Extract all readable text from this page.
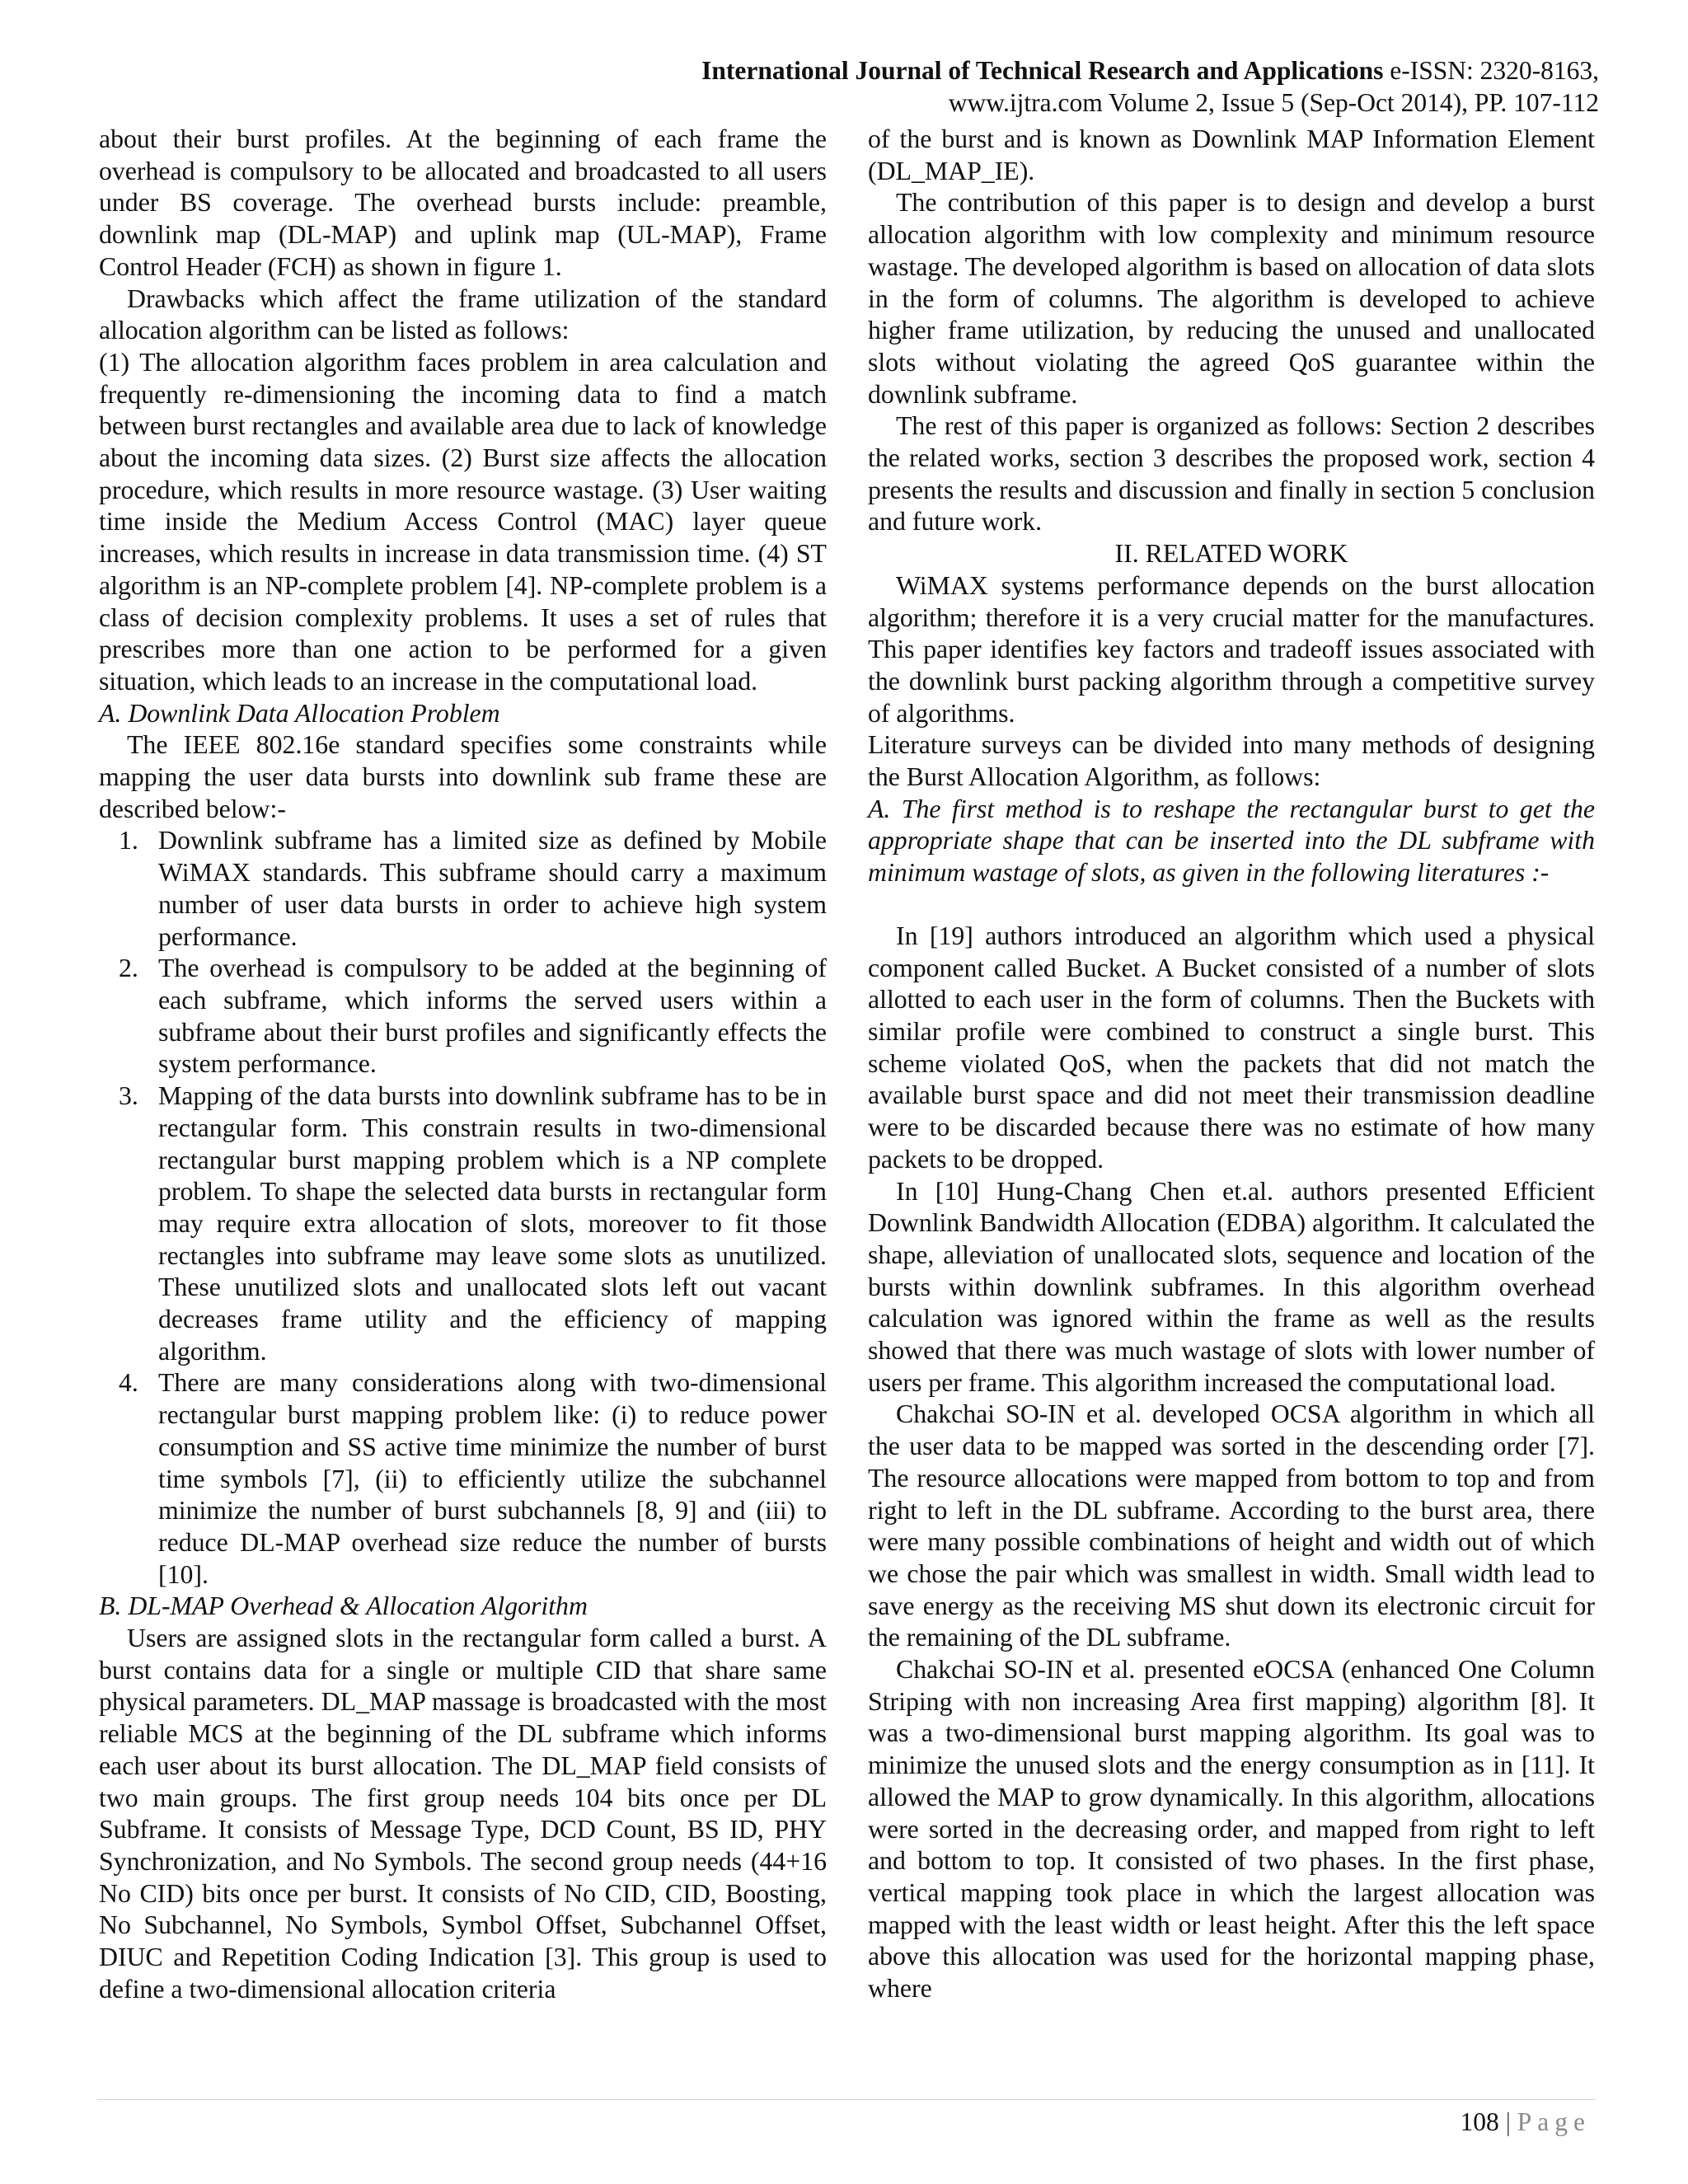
International Journal of Technical Research and Applications e-ISSN: 2320-8163,
www.ijtra.com Volume 2, Issue 5 (Sep-Oct 2014), PP. 107-112

about their burst profiles. At the beginning of each frame the overhead is compulsory to be allocated and broadcasted to all users under BS coverage. The overhead bursts include: preamble, downlink map (DL-MAP) and uplink map (UL-MAP), Frame Control Header (FCH) as shown in figure 1.

Drawbacks which affect the frame utilization of the standard allocation algorithm can be listed as follows:

(1) The allocation algorithm faces problem in area calculation and frequently re-dimensioning the incoming data to find a match between burst rectangles and available area due to lack of knowledge about the incoming data sizes. (2) Burst size affects the allocation procedure, which results in more resource wastage. (3) User waiting time inside the Medium Access Control (MAC) layer queue increases, which results in increase in data transmission time. (4) ST algorithm is an NP-complete problem [4]. NP-complete problem is a class of decision complexity problems. It uses a set of rules that prescribes more than one action to be performed for a given situation, which leads to an increase in the computational load.

A. Downlink Data Allocation Problem

The IEEE 802.16e standard specifies some constraints while mapping the user data bursts into downlink sub frame these are described below:-

1. Downlink subframe has a limited size as defined by Mobile WiMAX standards. This subframe should carry a maximum number of user data bursts in order to achieve high system performance.
2. The overhead is compulsory to be added at the beginning of each subframe, which informs the served users within a subframe about their burst profiles and significantly effects the system performance.
3. Mapping of the data bursts into downlink subframe has to be in rectangular form. This constrain results in two-dimensional rectangular burst mapping problem which is a NP complete problem. To shape the selected data bursts in rectangular form may require extra allocation of slots, moreover to fit those rectangles into subframe may leave some slots as unutilized. These unutilized slots and unallocated slots left out vacant decreases frame utility and the efficiency of mapping algorithm.
4. There are many considerations along with two-dimensional rectangular burst mapping problem like: (i) to reduce power consumption and SS active time minimize the number of burst time symbols [7], (ii) to efficiently utilize the subchannel minimize the number of burst subchannels [8, 9] and (iii) to reduce DL-MAP overhead size reduce the number of bursts [10].

B. DL-MAP Overhead & Allocation Algorithm

Users are assigned slots in the rectangular form called a burst. A burst contains data for a single or multiple CID that share same physical parameters. DL_MAP massage is broadcasted with the most reliable MCS at the beginning of the DL subframe which informs each user about its burst allocation. The DL_MAP field consists of two main groups. The first group needs 104 bits once per DL Subframe. It consists of Message Type, DCD Count, BS ID, PHY Synchronization, and No Symbols. The second group needs (44+16 No CID) bits once per burst. It consists of No CID, CID, Boosting, No Subchannel, No Symbols, Symbol Offset, Subchannel Offset, DIUC and Repetition Coding Indication [3]. This group is used to define a two-dimensional allocation criteria

of the burst and is known as Downlink MAP Information Element (DL_MAP_IE).

The contribution of this paper is to design and develop a burst allocation algorithm with low complexity and minimum resource wastage. The developed algorithm is based on allocation of data slots in the form of columns. The algorithm is developed to achieve higher frame utilization, by reducing the unused and unallocated slots without violating the agreed QoS guarantee within the downlink subframe.

The rest of this paper is organized as follows: Section 2 describes the related works, section 3 describes the proposed work, section 4 presents the results and discussion and finally in section 5 conclusion and future work.

II. RELATED WORK

WiMAX systems performance depends on the burst allocation algorithm; therefore it is a very crucial matter for the manufactures. This paper identifies key factors and tradeoff issues associated with the downlink burst packing algorithm through a competitive survey of algorithms.

Literature surveys can be divided into many methods of designing the Burst Allocation Algorithm, as follows:

A. The first method is to reshape the rectangular burst to get the appropriate shape that can be inserted into the DL subframe with minimum wastage of slots, as given in the following literatures :-

In [19] authors introduced an algorithm which used a physical component called Bucket. A Bucket consisted of a number of slots allotted to each user in the form of columns. Then the Buckets with similar profile were combined to construct a single burst. This scheme violated QoS, when the packets that did not match the available burst space and did not meet their transmission deadline were to be discarded because there was no estimate of how many packets to be dropped.

In [10] Hung-Chang Chen et.al. authors presented Efficient Downlink Bandwidth Allocation (EDBA) algorithm. It calculated the shape, alleviation of unallocated slots, sequence and location of the bursts within downlink subframes. In this algorithm overhead calculation was ignored within the frame as well as the results showed that there was much wastage of slots with lower number of users per frame. This algorithm increased the computational load.

Chakchai SO-IN et al. developed OCSA algorithm in which all the user data to be mapped was sorted in the descending order [7]. The resource allocations were mapped from bottom to top and from right to left in the DL subframe. According to the burst area, there were many possible combinations of height and width out of which we chose the pair which was smallest in width. Small width lead to save energy as the receiving MS shut down its electronic circuit for the remaining of the DL subframe.

Chakchai SO-IN et al. presented eOCSA (enhanced One Column Striping with non increasing Area first mapping) algorithm [8]. It was a two-dimensional burst mapping algorithm. Its goal was to minimize the unused slots and the energy consumption as in [11]. It allowed the MAP to grow dynamically. In this algorithm, allocations were sorted in the decreasing order, and mapped from right to left and bottom to top. It consisted of two phases. In the first phase, vertical mapping took place in which the largest allocation was mapped with the least width or least height. After this the left space above this allocation was used for the horizontal mapping phase, where

108 | Page
